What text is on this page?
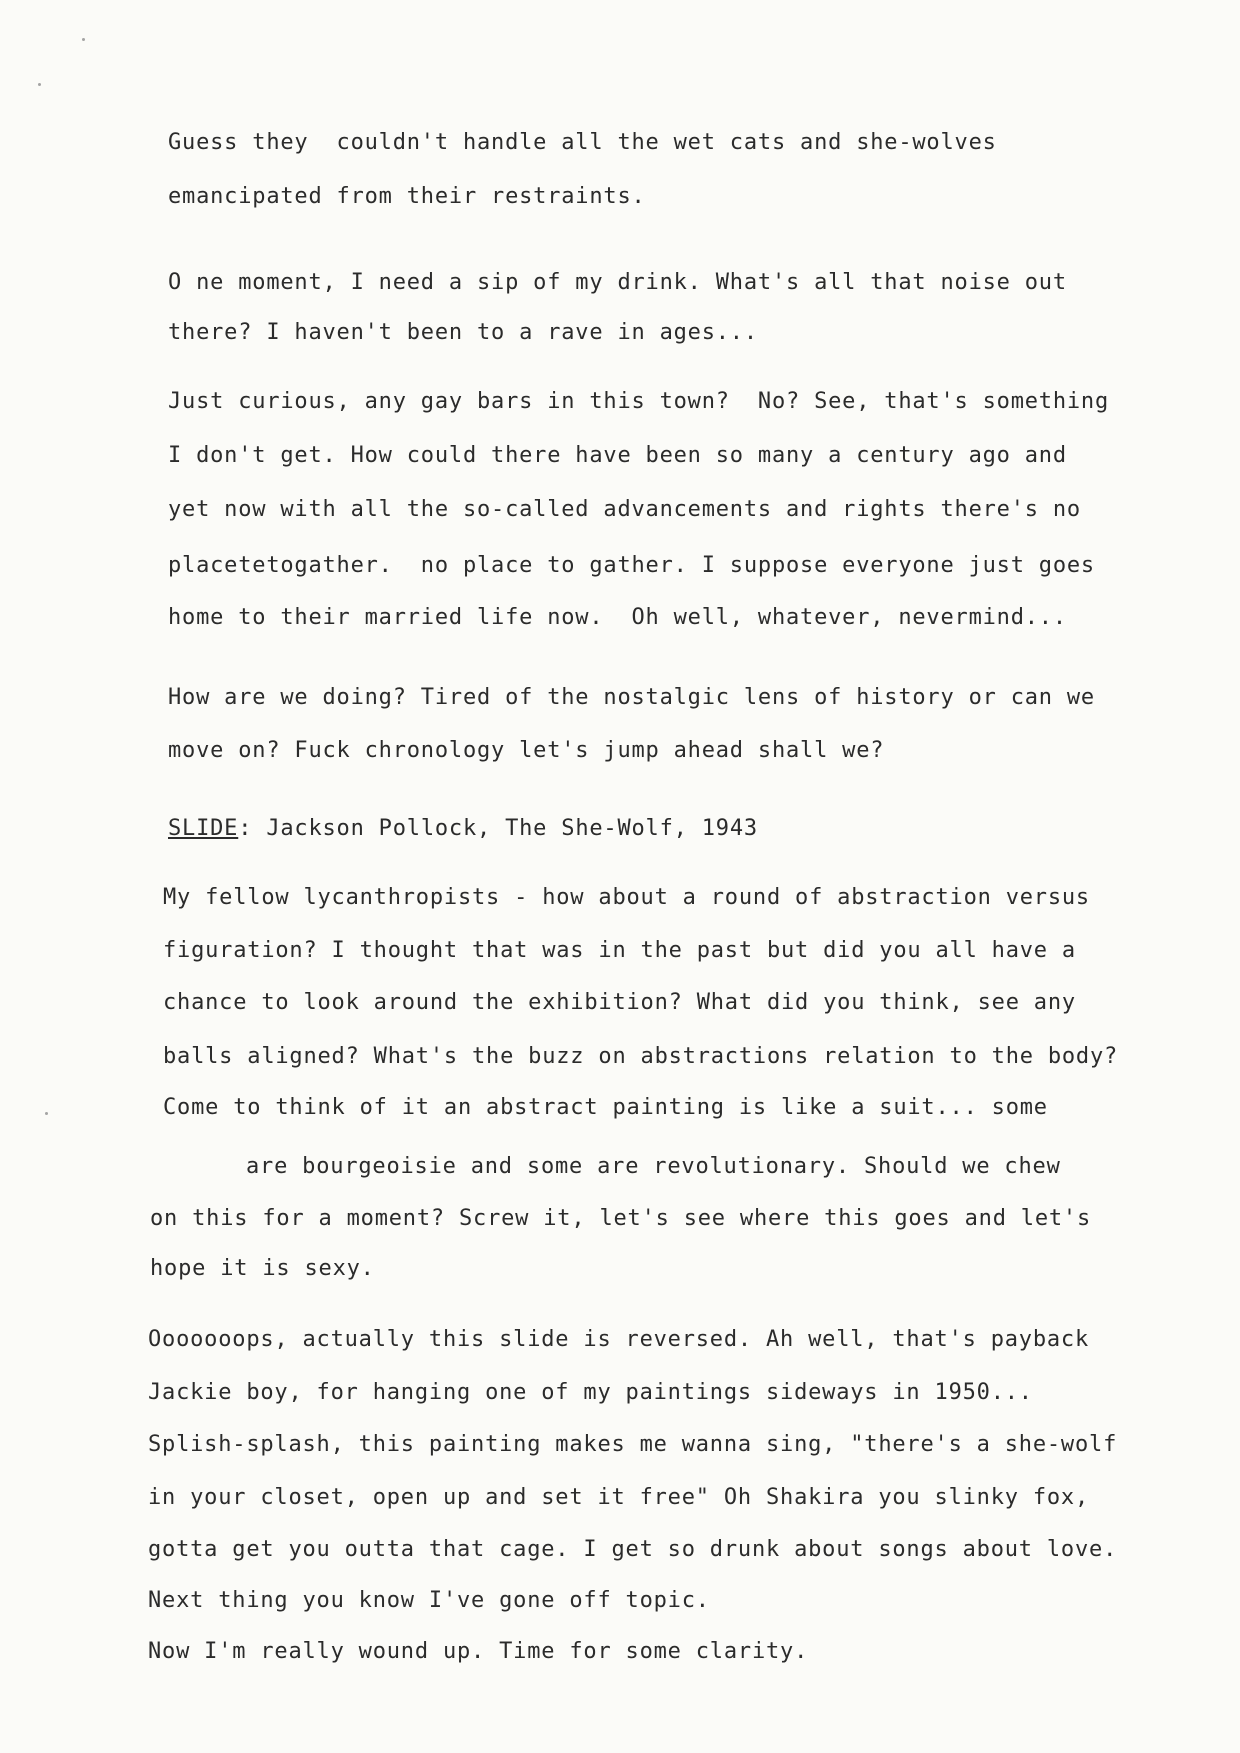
Guess they  couldn't handle all the wet cats and she-wolves
emancipated from their restraints.
O ne moment, I need a sip of my drink. What's all that noise out
there? I haven't been to a rave in ages...
Just curious, any gay bars in this town?  No? See, that's something
I don't get. How could there have been so many a century ago and
yet now with all the so-called advancements and rights there's no
placetetogather.  no place to gather. I suppose everyone just goes
home to their married life now.  Oh well, whatever, nevermind...
How are we doing? Tired of the nostalgic lens of history or can we
move on? Fuck chronology let's jump ahead shall we?
SLIDE: Jackson Pollock, The She-Wolf, 1943
My fellow lycanthropists - how about a round of abstraction versus
figuration? I thought that was in the past but did you all have a
chance to look around the exhibition? What did you think, see any
balls aligned? What's the buzz on abstractions relation to the body?
Come to think of it an abstract painting is like a suit... some
are bourgeoisie and some are revolutionary. Should we chew
on this for a moment? Screw it, let's see where this goes and let's
hope it is sexy.
Ooooooops, actually this slide is reversed. Ah well, that's payback
Jackie boy, for hanging one of my paintings sideways in 1950...
Splish-splash, this painting makes me wanna sing, "there's a she-wolf
in your closet, open up and set it free" Oh Shakira you slinky fox,
gotta get you outta that cage. I get so drunk about songs about love.
Next thing you know I've gone off topic.
Now I'm really wound up. Time for some clarity.
